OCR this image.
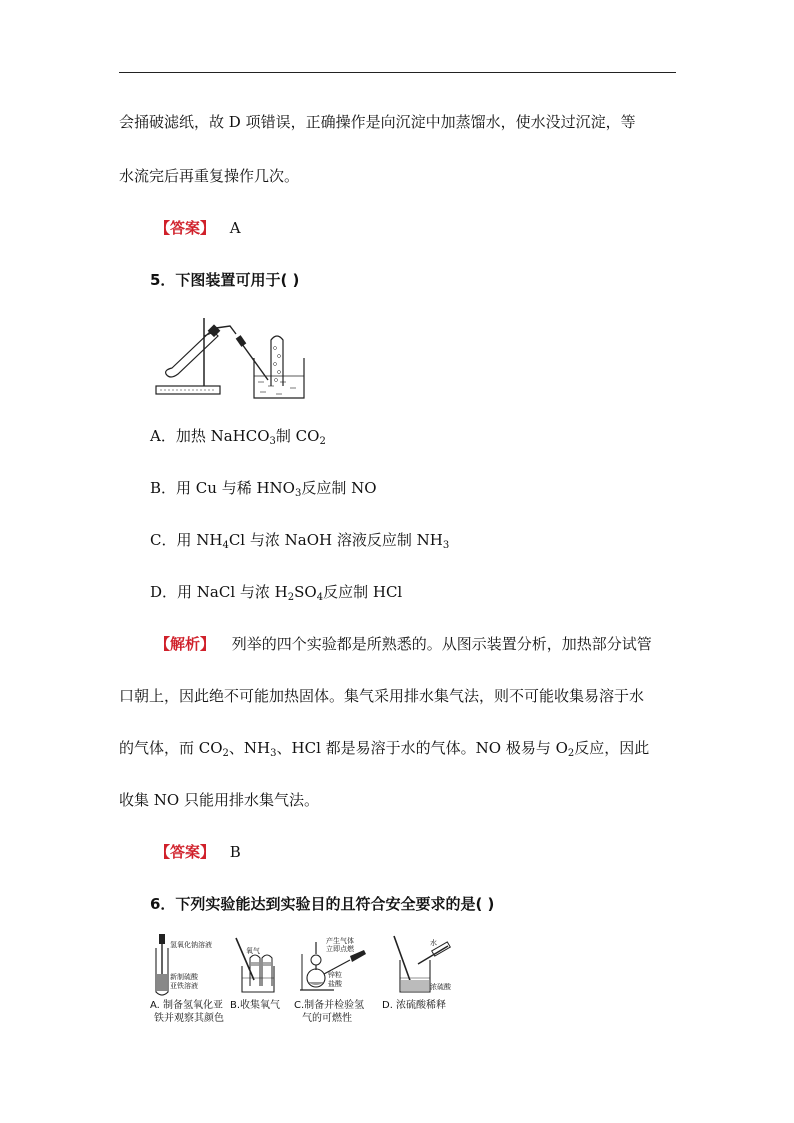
会捅破滤纸，故 D 项错误，正确操作是向沉淀中加蒸馏水，使水没过沉淀，等
水流完后再重复操作几次。
【答案】 A
5．下图装置可用于( )
A．加热 NaHCO$_3$制 $CO_2$
B．用 Cu 与稀 $HNO_3$反应制 NO
C．用 $NH_4Cl$ 与浓 NaOH 溶液反应制 $NH_3$
D．用 NaCl 与浓 $H_2SO_4$反应制 HCl
【解析】 列举的四个实验都是所熟悉的。从图示装置分析，加热部分试管
口朝上，因此绝不可能加热固体。集气采用排水集气法，则不可能收集易溶于水
的气体，而 $CO_2$、$NH_3$、HCl 都是易溶于水的气体。NO 极易与 $O_2$反应，因此
收集 NO 只能用排水集气法。
【答案】 B
6．下列实验能达到实验目的且符合安全要求的是( )
氢氧化钠溶液
新制硫酸
亚铁溶液
A. 制备氢氧化亚
铁并观察其颜色
氧气
B.收集氧气
产生气体
立即点燃
锌粒
盐酸
C.制备并检验氢
气的可燃性
水
浓硫酸
D. 浓硫酸稀释
